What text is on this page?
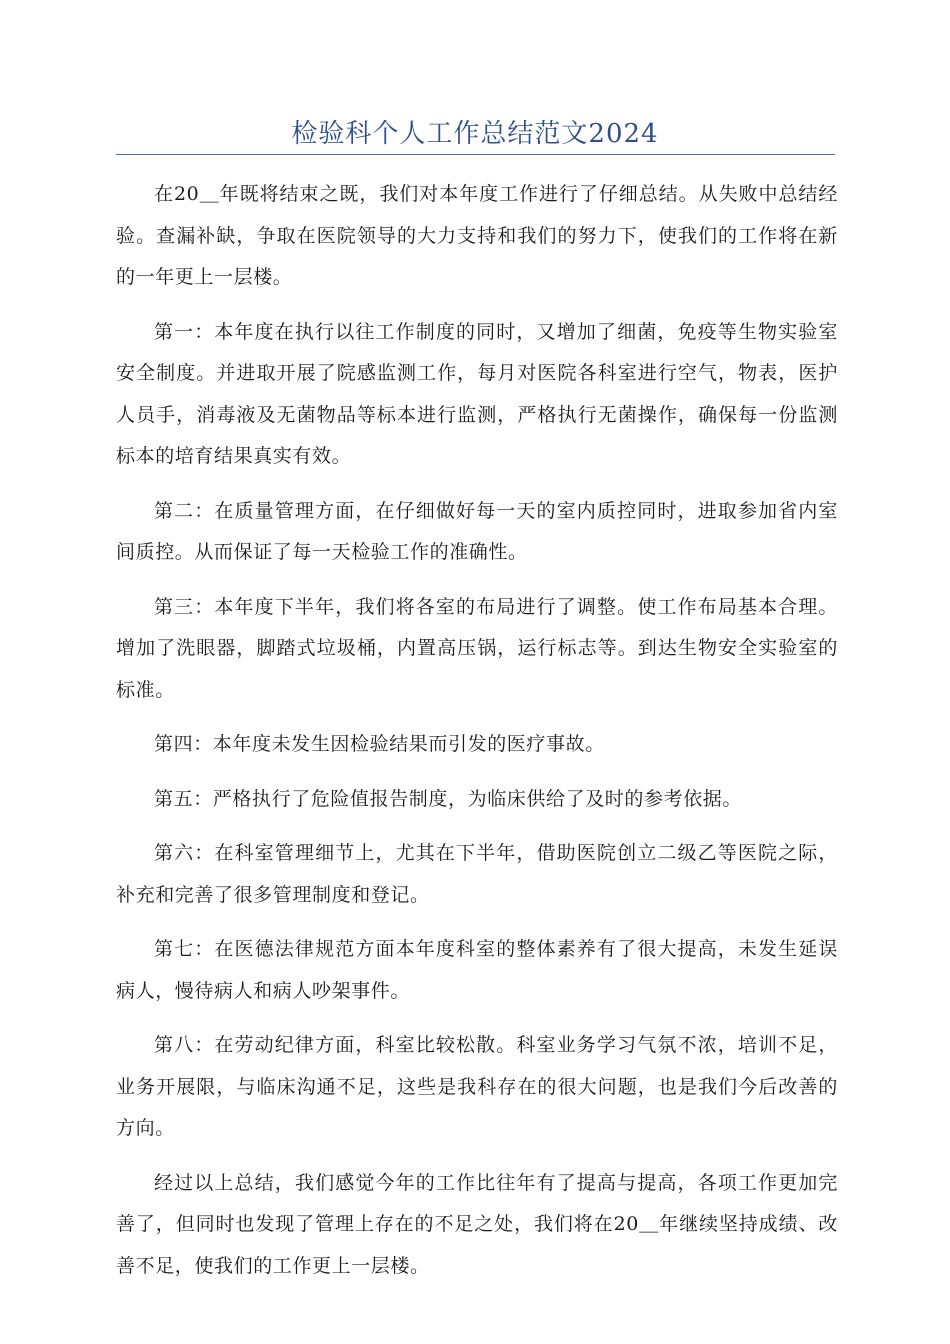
检验科个人工作总结范文2024

在20＿年既将结束之既，我们对本年度工作进行了仔细总结。从失败中总结经验。查漏补缺，争取在医院领导的大力支持和我们的努力下，使我们的工作将在新的一年更上一层楼。

第一：本年度在执行以往工作制度的同时，又增加了细菌，免疫等生物实验室安全制度。并进取开展了院感监测工作，每月对医院各科室进行空气，物表，医护人员手，消毒液及无菌物品等标本进行监测，严格执行无菌操作，确保每一份监测标本的培育结果真实有效。

第二：在质量管理方面，在仔细做好每一天的室内质控同时，进取参加省内室间质控。从而保证了每一天检验工作的准确性。

第三：本年度下半年，我们将各室的布局进行了调整。使工作布局基本合理。增加了洗眼器，脚踏式垃圾桶，内置高压锅，运行标志等。到达生物安全实验室的标准。

第四：本年度未发生因检验结果而引发的医疗事故。

第五：严格执行了危险值报告制度，为临床供给了及时的参考依据。

第六：在科室管理细节上，尤其在下半年，借助医院创立二级乙等医院之际，补充和完善了很多管理制度和登记。

第七：在医德法律规范方面本年度科室的整体素养有了很大提高，未发生延误病人，慢待病人和病人吵架事件。

第八：在劳动纪律方面，科室比较松散。科室业务学习气氛不浓，培训不足，业务开展限，与临床沟通不足，这些是我科存在的很大问题，也是我们今后改善的方向。

经过以上总结，我们感觉今年的工作比往年有了提高与提高，各项工作更加完善了，但同时也发现了管理上存在的不足之处，我们将在20＿年继续坚持成绩、改善不足，使我们的工作更上一层楼。
